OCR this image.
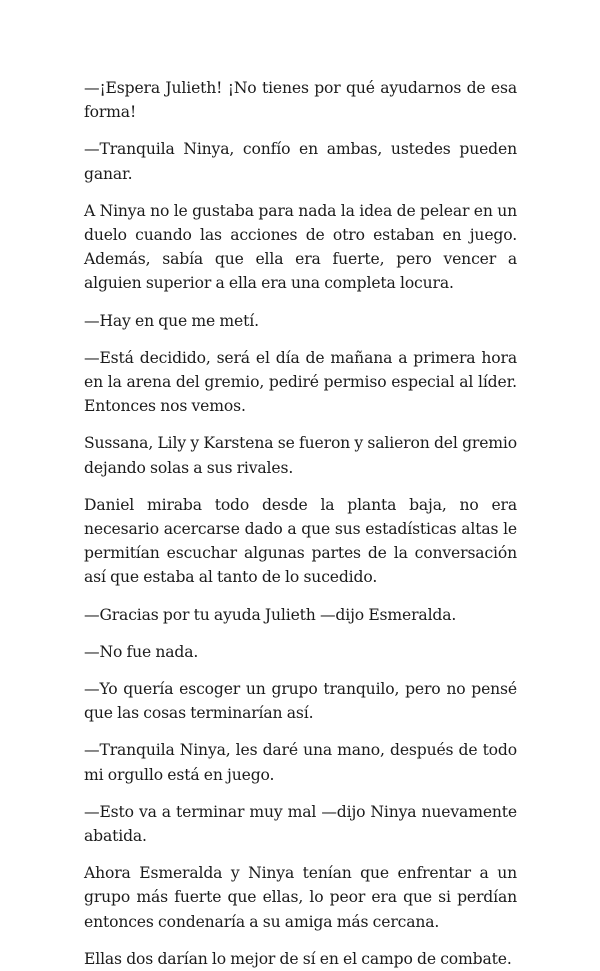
—¡Espera Julieth! ¡No tienes por qué ayudarnos de esa forma!

—Tranquila Ninya, confío en ambas, ustedes pueden ganar.

A Ninya no le gustaba para nada la idea de pelear en un duelo cuando las acciones de otro estaban en juego. Además, sabía que ella era fuerte, pero vencer a alguien superior a ella era una completa locura.

—Hay en que me metí.

—Está decidido, será el día de mañana a primera hora en la arena del gremio, pediré permiso especial al líder. Entonces nos vemos.

Sussana, Lily y Karstena se fueron y salieron del gremio dejando solas a sus rivales.

Daniel miraba todo desde la planta baja, no era necesario acercarse dado a que sus estadísticas altas le permitían escuchar algunas partes de la conversación así que estaba al tanto de lo sucedido.

—Gracias por tu ayuda Julieth —dijo Esmeralda.

—No fue nada.

—Yo quería escoger un grupo tranquilo, pero no pensé que las cosas terminarían así.

—Tranquila Ninya, les daré una mano, después de todo mi orgullo está en juego.

—Esto va a terminar muy mal —dijo Ninya nuevamente abatida.

Ahora Esmeralda y Ninya tenían que enfrentar a un grupo más fuerte que ellas, lo peor era que si perdían entonces condenaría a su amiga más cercana.

Ellas dos darían lo mejor de sí en el campo de combate.
